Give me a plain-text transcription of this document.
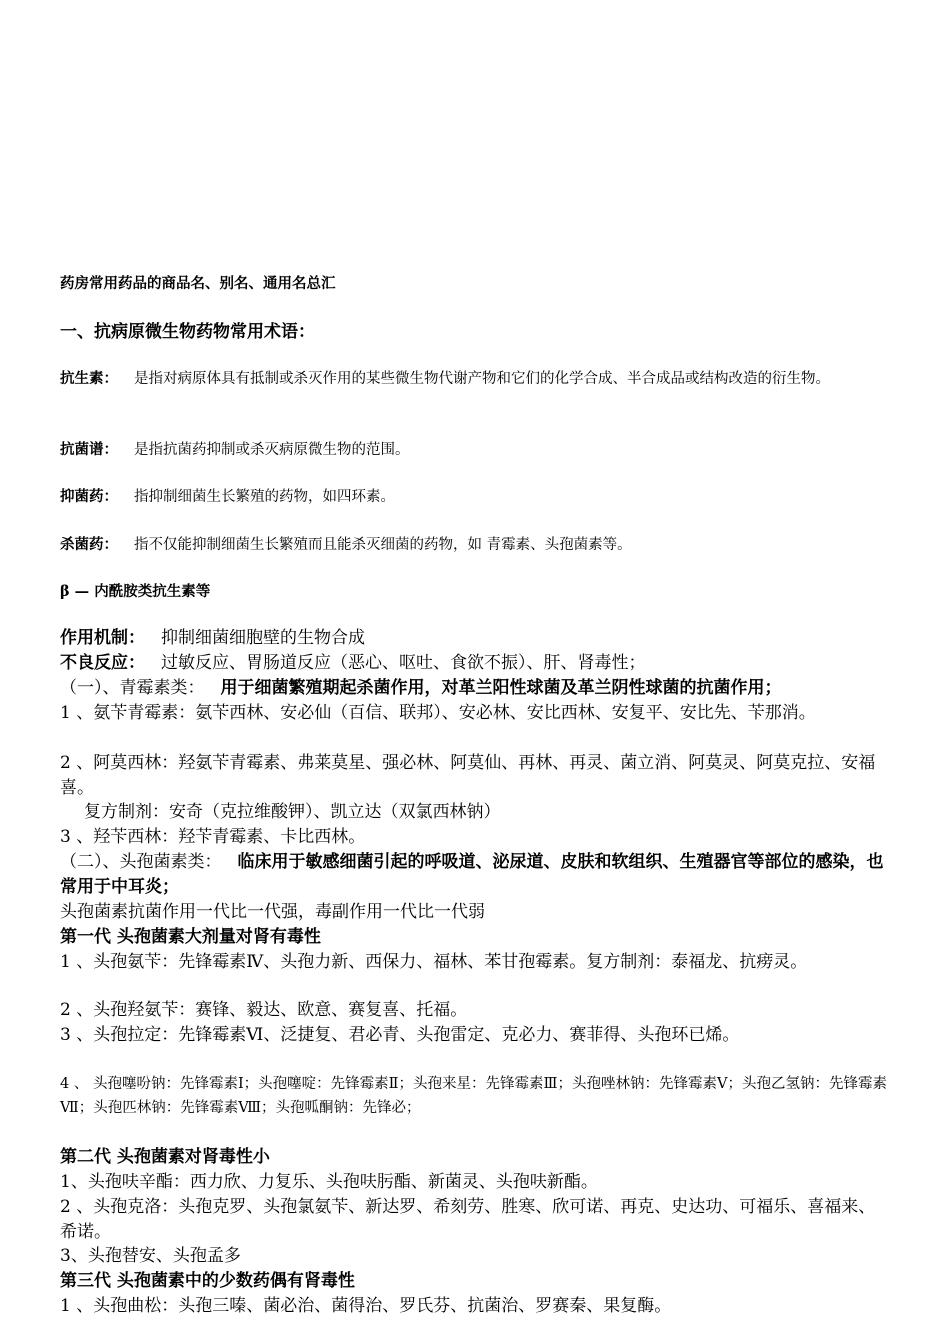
药房常用药品的商品名、别名、通用名总汇
一、抗病原微生物药物常用术语：
抗生素： 是指对病原体具有抵制或杀灭作用的某些微生物代谢产物和它们的化学合成、半合成品或结构改造的衍生物。
抗菌谱： 是指抗菌药抑制或杀灭病原微生物的范围。
抑菌药： 指抑制细菌生长繁殖的药物，如四环素。
杀菌药： 指不仅能抑制细菌生长繁殖而且能杀灭细菌的药物，如 青霉素、头孢菌素等。
β — 内酰胺类抗生素等
作用机制： 抑制细菌细胞壁的生物合成
不良反应： 过敏反应、胃肠道反应（恶心、呕吐、食欲不振）、肝、肾毒性；
（一）、青霉素类： 用于细菌繁殖期起杀菌作用，对革兰阳性球菌及革兰阴性球菌的抗菌作用；
1 、氨苄青霉素：氨苄西林、安必仙（百信、联邦）、安必林、安比西林、安复平、安比先、苄那消。
2 、阿莫西林：羟氨苄青霉素、弗莱莫星、强必林、阿莫仙、再林、再灵、菌立消、阿莫灵、阿莫克拉、安福喜。
复方制剂：安奇（克拉维酸钾）、凯立达（双氯西林钠）
3 、羟苄西林：羟苄青霉素、卡比西林。
（二）、头孢菌素类： 临床用于敏感细菌引起的呼吸道、泌尿道、皮肤和软组织、生殖器官等部位的感染，也常用于中耳炎；
头孢菌素抗菌作用一代比一代强，毒副作用一代比一代弱
第一代 头孢菌素大剂量对肾有毒性
1 、头孢氨苄：先锋霉素Ⅳ、头孢力新、西保力、福林、苯甘孢霉素。复方制剂：泰福龙、抗痨灵。
2 、头孢羟氨苄：赛锋、毅达、欧意、赛复喜、托福。
3 、头孢拉定：先锋霉素Ⅵ、泛捷复、君必青、头孢雷定、克必力、赛菲得、头孢环已烯。
4 、 头孢噻吩钠：先锋霉素Ⅰ；头孢噻啶：先锋霉素Ⅱ；头孢来星：先锋霉素Ⅲ；头孢唑林钠：先锋霉素Ⅴ；头孢乙氢钠：先锋霉素Ⅶ；头孢匹林钠：先锋霉素Ⅷ；头孢呱酮钠：先锋必；
第二代 头孢菌素对肾毒性小
1、头孢呋辛酯：西力欣、力复乐、头孢呋肟酯、新菌灵、头孢呋新酯。
2 、头孢克洛：头孢克罗、头孢氯氨苄、新达罗、希刻劳、胜寒、欣可诺、再克、史达功、可福乐、喜福来、希诺。
3、头孢替安、头孢孟多
第三代 头孢菌素中的少数药偶有肾毒性
1 、头孢曲松：头孢三嗪、菌必治、菌得治、罗氏芬、抗菌治、罗赛秦、果复酶。
